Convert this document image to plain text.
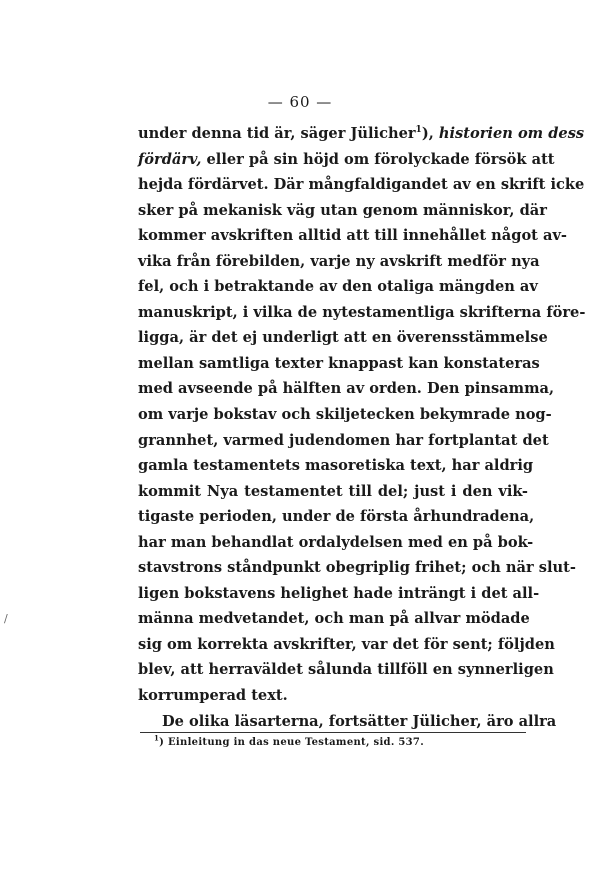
/
— 60 —
under denna tid är, säger Jülicher$^1$), historien om dess
fördärv, eller på sin höjd om förolyckade försök att
hejda fördärvet. Där mångfaldigandet av en skrift icke
sker på mekanisk väg utan genom människor, där
kommer avskriften alltid att till innehållet något av-
vika från förebilden, varje ny avskrift medför nya
fel, och i betraktande av den otaliga mängden av
manuskript, i vilka de nytestamentliga skrifterna före-
ligga, är det ej underligt att en överensstämmelse
mellan samtliga texter knappast kan konstateras
med avseende på hälften av orden. Den pinsamma,
om varje bokstav och skiljetecken bekymrade nog-
grannhet, varmed judendomen har fortplantat det
gamla testamentets masoretiska text, har aldrig
kommit Nya testamentet till del; just i den vik-
tigaste perioden, under de första århundradena,
har man behandlat ordalydelsen med en på bok-
stavstrons ståndpunkt obegriplig frihet; och när slut-
ligen bokstavens helighet hade inträngt i det all-
männa medvetandet, och man på allvar mödade
sig om korrekta avskrifter, var det för sent; följden
blev, att herraväldet sålunda tillföll en synnerligen
korrumperad text.
De olika läsarterna, fortsätter Jülicher, äro allra
$^1$) Einleitung in das neue Testament, sid. 537.
